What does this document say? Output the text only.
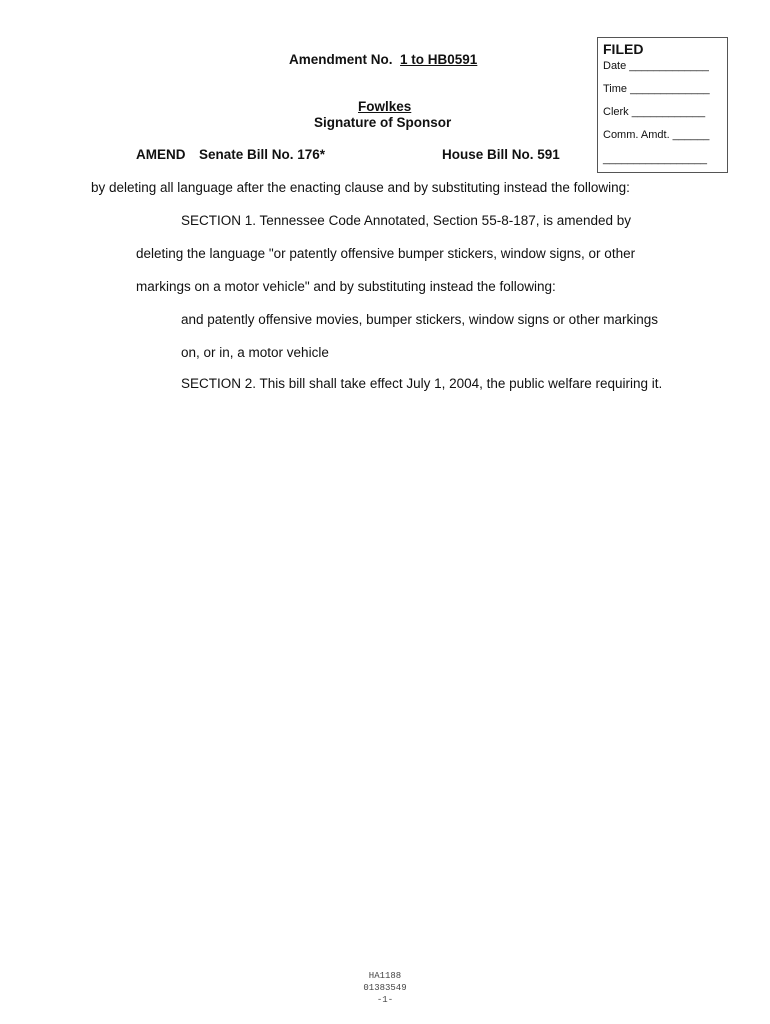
Amendment No. 1 to HB0591
Fowlkes
Signature of Sponsor
AMEND Senate Bill No. 176*	House Bill No. 591
FILED
Date _____________
Time _____________
Clerk ____________
Comm. Amdt. ______
_________________
by deleting all language after the enacting clause and by substituting instead the following:
SECTION 1. Tennessee Code Annotated, Section 55-8-187, is amended by
deleting the language "or patently offensive bumper stickers, window signs, or other
markings on a motor vehicle" and by substituting instead the following:
and patently offensive movies, bumper stickers, window signs or other markings
on, or in, a motor vehicle
SECTION 2. This bill shall take effect July 1, 2004, the public welfare requiring it.
HA1188
01383549
-1-
